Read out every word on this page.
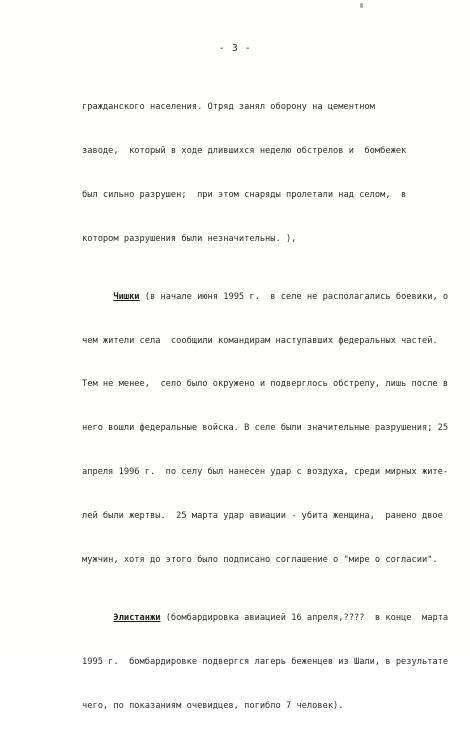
- 3 -

гражданского населения. Отряд занял оборону на цементном

заводе,  который в ходе длившихся неделю обстрелов и  бомбежек

был сильно разрушен;  при этом снаряды пролетали над селом,  в

котором разрушения были незначительны. ),

Чишки (в начале июня 1995 г.  в селе не располагались боевики, о

чем жители села  сообщили командирам наступавших федеральных частей.

Тем не менее,  село было окружено и подверглось обстрелу, лишь после в

него вошли федеральные войска. В селе были значительные разрушения; 25

апреля 1996 г.  по селу был нанесен удар с воздуха, среди мирных жите-

лей были жертвы.  25 марта удар авиации - убита женщина,  ранено двое

мужчин, хотя до этого было подписано соглашение о "мире о согласии".

Элистанжи (бомбардировка авиацией 16 апреля,????  в конце  марта

1995 г.  бомбардировке подвергся лагерь беженцев из Шали, в результате

чего, по показаниям очевидцев, погибло 7 человек).
